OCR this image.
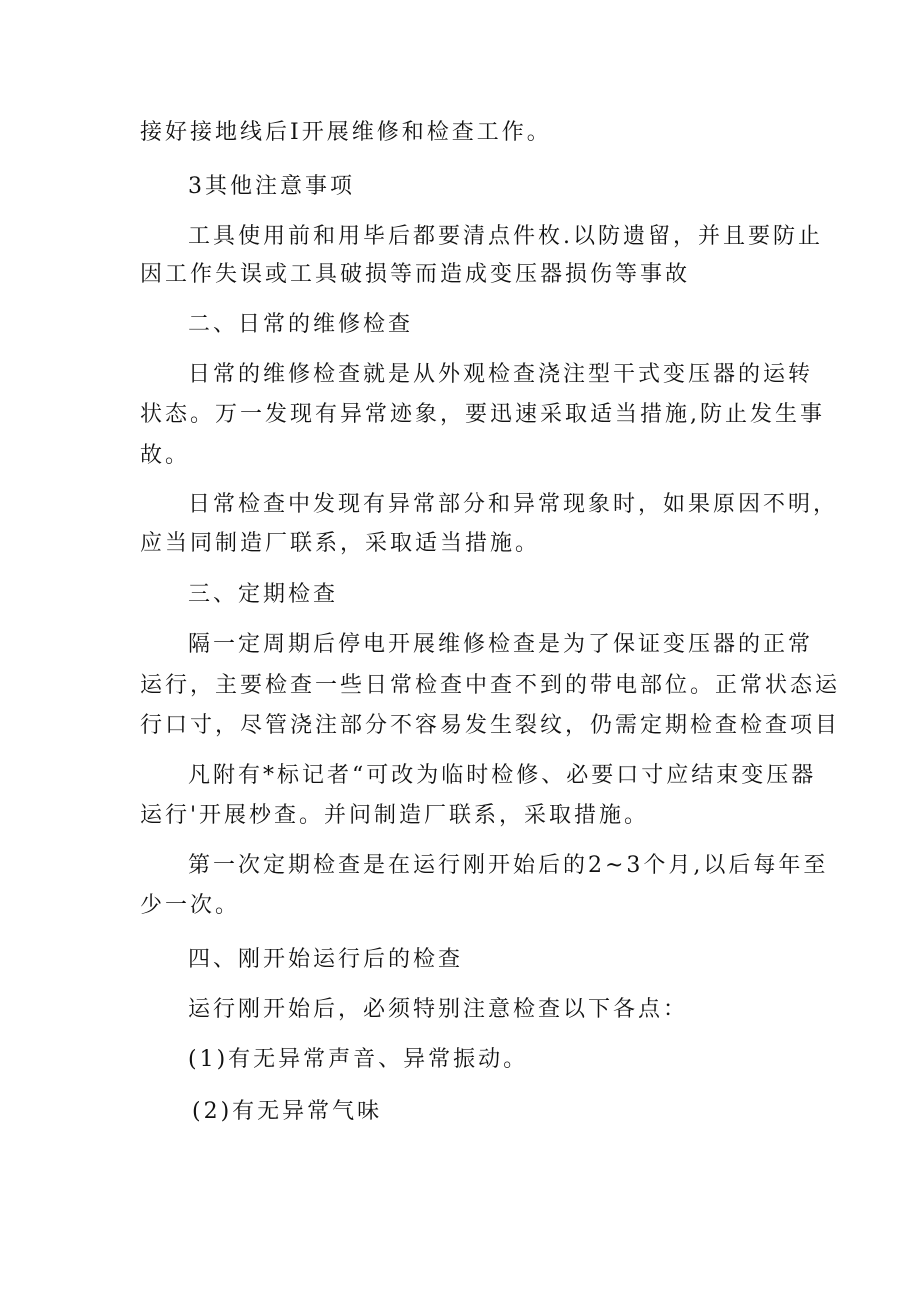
接好接地线后Ⅰ开展维修和检查工作。
3其他注意事项
工具使用前和用毕后都要清点件枚.以防遗留，并且要防止
因工作失误或工具破损等而造成变压器损伤等事故
二、日常的维修检查
日常的维修检查就是从外观检查浇注型干式变压器的运转
状态。万一发现有异常迹象，要迅速采取适当措施,防止发生事
故。
日常检查中发现有异常部分和异常现象时，如果原因不明，
应当同制造厂联系，采取适当措施。
三、定期检查
隔一定周期后停电开展维修检查是为了保证变压器的正常
运行，主要检查一些日常检查中查不到的带电部位。正常状态运
行口寸，尽管浇注部分不容易发生裂纹，仍需定期检查检查项目
凡附有*标记者“可改为临时检修、必要口寸应结束变压器
运行'开展杪查。并问制造厂联系，采取措施。
第一次定期检查是在运行刚开始后的2~3个月,以后每年至
少一次。
四、刚开始运行后的检查
运行刚开始后，必须特别注意检查以下各点：
(1)有无异常声音、异常振动。
(2)有无异常气味
